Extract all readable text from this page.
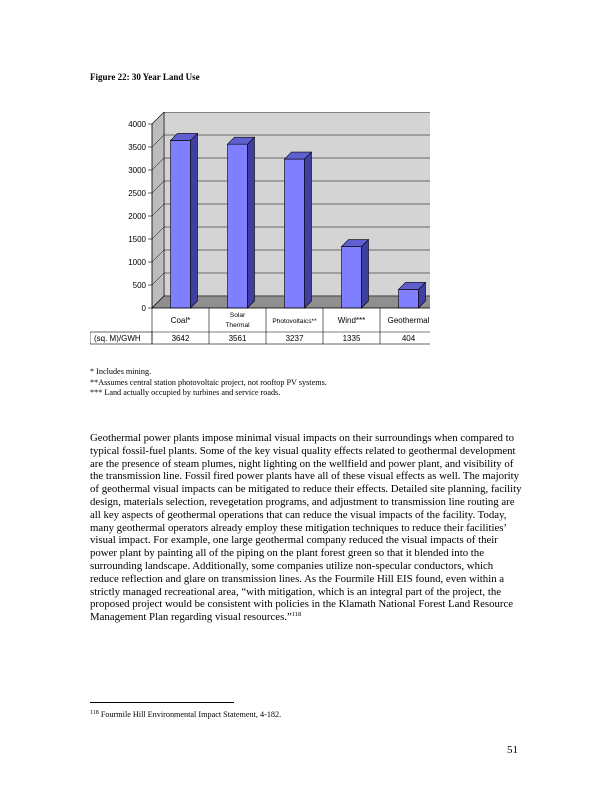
Figure 22: 30 Year Land Use
0
500
1000
1500
2000
2500
3000
3500
4000
Coal*
3642
Solar
Thermal
3561
Photovoltaics**
3237
Wind***
1335
Geothermal
404
(sq. M)/GWH
* Includes mining.
**Assumes central station photovoltaic project, not rooftop PV systems.
*** Land actually occupied by turbines and service roads.

Geothermal power plants impose minimal visual impacts on their surroundings when compared to typical fossil-fuel plants. Some of the key visual quality effects related to geothermal development are the presence of steam plumes, night lighting on the wellfield and power plant, and visibility of the transmission line. Fossil fired power plants have all of these visual effects as well. The majority of geothermal visual impacts can be mitigated to reduce their effects. Detailed site planning, facility design, materials selection, revegetation programs, and adjustment to transmission line routing are all key aspects of geothermal operations that can reduce the visual impacts of the facility. Today, many geothermal operators already employ these mitigation techniques to reduce their facilities’ visual impact. For example, one large geothermal company reduced the visual impacts of their power plant by painting all of the piping on the plant forest green so that it blended into the surrounding landscape. Additionally, some companies utilize non-specular conductors, which reduce reflection and glare on transmission lines. As the Fourmile Hill EIS found, even within a strictly managed recreational area, “with mitigation, which is an integral part of the project, the proposed project would be consistent with policies in the Klamath National Forest Land Resource Management Plan regarding visual resources.”$^{118}$

$^{118}$ Fourmile Hill Environmental Impact Statement, 4-182.
51
